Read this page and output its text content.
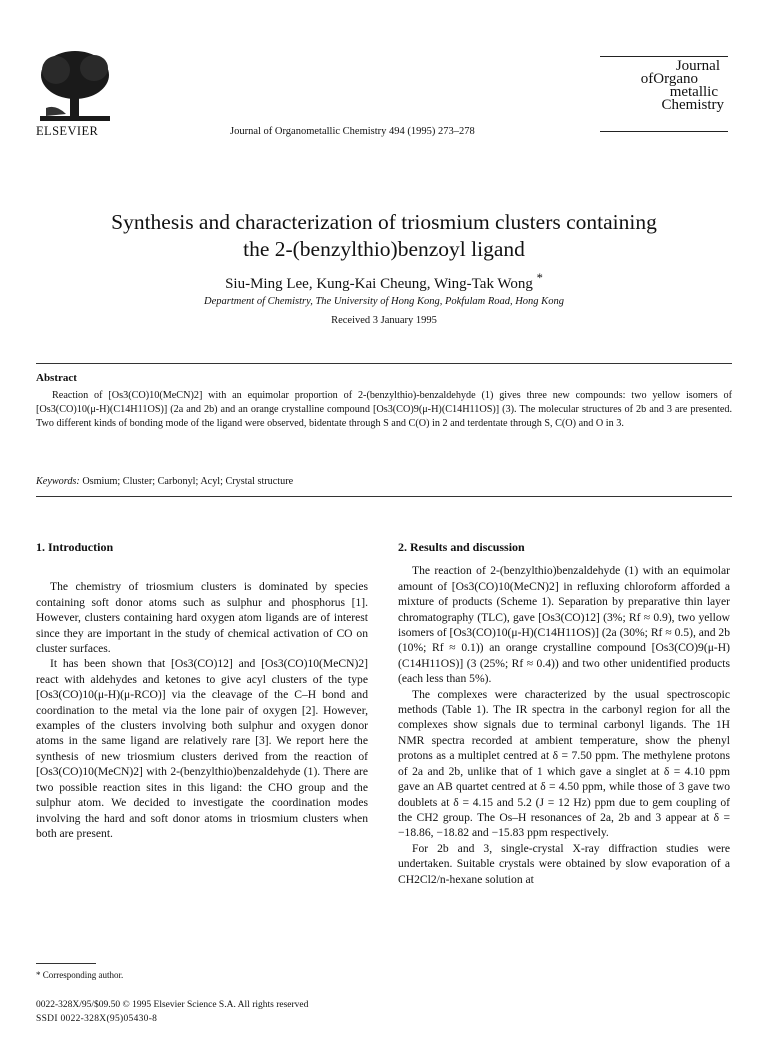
ELSEVIER	Journal of Organometallic Chemistry 494 (1995) 273–278
Journal
ofOrgano
metallic
Chemistry
Synthesis and characterization of triosmium clusters containing
the 2-(benzylthio)benzoyl ligand
Siu-Ming Lee, Kung-Kai Cheung, Wing-Tak Wong *
Department of Chemistry, The University of Hong Kong, Pokfulam Road, Hong Kong
Received 3 January 1995
Abstract
Reaction of [Os3(CO)10(MeCN)2] with an equimolar proportion of 2-(benzylthio)-benzaldehyde (1) gives three new compounds: two yellow isomers of [Os3(CO)10(μ-H)(C14H11OS)] (2a and 2b) and an orange crystalline compound [Os3(CO)9(μ-H)(C14H11OS)] (3). The molecular structures of 2b and 3 are presented. Two different kinds of bonding mode of the ligand were observed, bidentate through S and C(O) in 2 and terdentate through S, C(O) and O in 3.
Keywords: Osmium; Cluster; Carbonyl; Acyl; Crystal structure
1. Introduction

The chemistry of triosmium clusters is dominated by species containing soft donor atoms such as sulphur and phosphorus [1]. However, clusters containing hard oxygen atom ligands are of interest since they are important in the study of chemical activation of CO on cluster surfaces.

It has been shown that [Os3(CO)12] and [Os3(CO)10(MeCN)2] react with aldehydes and ketones to give acyl clusters of the type [Os3(CO)10(μ-H)(μ-RCO)] via the cleavage of the C–H bond and coordination to the metal via the lone pair of oxygen [2]. However, examples of the clusters involving both sulphur and oxygen donor atoms in the same ligand are relatively rare [3]. We report here the synthesis of new triosmium clusters derived from the reaction of [Os3(CO)10(MeCN)2] with 2-(benzylthio)benzaldehyde (1). There are two possible reaction sites in this ligand: the CHO group and the sulphur atom. We decided to investigate the coordination modes involving the hard and soft donor atoms in triosmium clusters when both are present.

2. Results and discussion

The reaction of 2-(benzylthio)benzaldehyde (1) with an equimolar amount of [Os3(CO)10(MeCN)2] in refluxing chloroform afforded a mixture of products (Scheme 1). Separation by preparative thin layer chromatography (TLC), gave [Os3(CO)12] (3%; Rf ≈ 0.9), two yellow isomers of [Os3(CO)10(μ-H)(C14H11OS)] (2a (30%; Rf ≈ 0.5), and 2b (10%; Rf ≈ 0.1)) an orange crystalline compound [Os3(CO)9(μ-H)(C14H11OS)] (3 (25%; Rf ≈ 0.4)) and two other unidentified products (each less than 5%).

The complexes were characterized by the usual spectroscopic methods (Table 1). The IR spectra in the carbonyl region for all the complexes show signals due to terminal carbonyl ligands. The 1H NMR spectra recorded at ambient temperature, show the phenyl protons as a multiplet centred at δ = 7.50 ppm. The methylene protons of 2a and 2b, unlike that of 1 which gave a singlet at δ = 4.10 ppm gave an AB quartet centred at δ = 4.50 ppm, while those of 3 gave two doublets at δ = 4.15 and 5.2 (J = 12 Hz) ppm due to gem coupling of the CH2 group. The Os–H resonances of 2a, 2b and 3 appear at δ = −18.86, −18.82 and −15.83 ppm respectively.

For 2b and 3, single-crystal X-ray diffraction studies were undertaken. Suitable crystals were obtained by slow evaporation of a CH2Cl2/n-hexane solution at

* Corresponding author.
0022-328X/95/$09.50 © 1995 Elsevier Science S.A. All rights reserved
SSDI 0022-328X(95)05430-8
